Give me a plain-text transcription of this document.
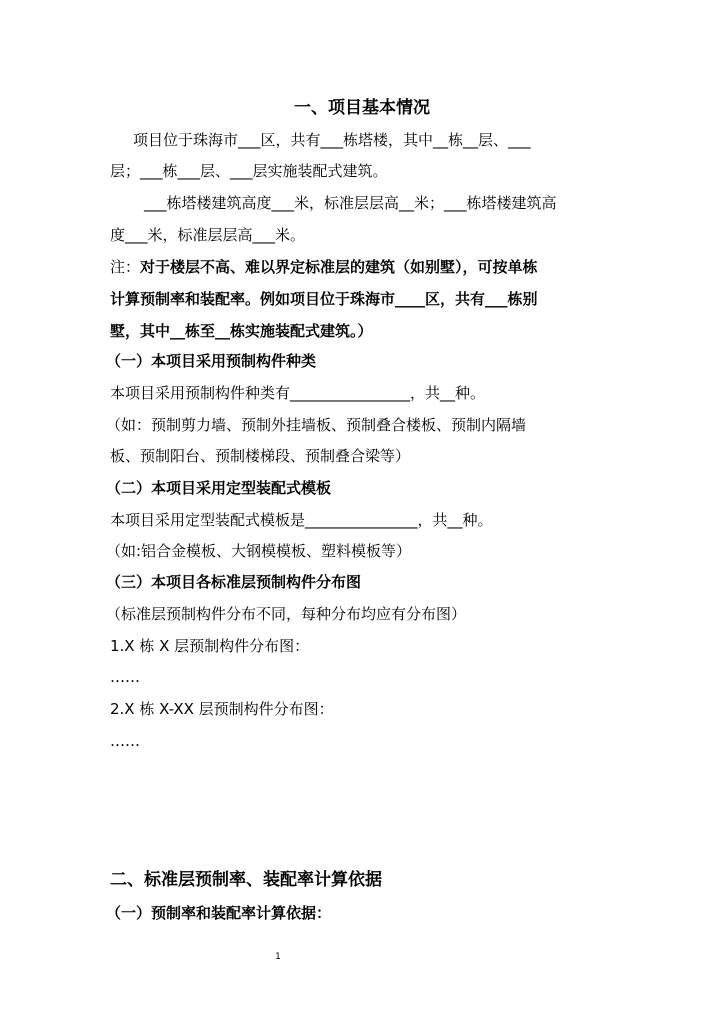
一、项目基本情况
项目位于珠海市___区，共有___栋塔楼，其中__栋__层、___
层；___栋___层、___层实施装配式建筑。
___栋塔楼建筑高度___米，标准层层高__米；___栋塔楼建筑高
度___米，标准层层高___米。
注：对于楼层不高、难以界定标准层的建筑（如别墅），可按单栋
计算预制率和装配率。例如项目位于珠海市____区，共有___栋别
墅，其中__栋至__栋实施装配式建筑。）
（一）本项目采用预制构件种类
本项目采用预制构件种类有________________，共__种。
（如：预制剪力墙、预制外挂墙板、预制叠合楼板、预制内隔墙
板、预制阳台、预制楼梯段、预制叠合梁等）
（二）本项目采用定型装配式模板
本项目采用定型装配式模板是_______________，共__种。
（如:铝合金模板、大钢模模板、塑料模板等）
（三）本项目各标准层预制构件分布图
（标准层预制构件分布不同，每种分布均应有分布图）
1.X 栋 X 层预制构件分布图：
……
2.X 栋 X-XX 层预制构件分布图：
……
二、标准层预制率、装配率计算依据
（一）预制率和装配率计算依据：
1
